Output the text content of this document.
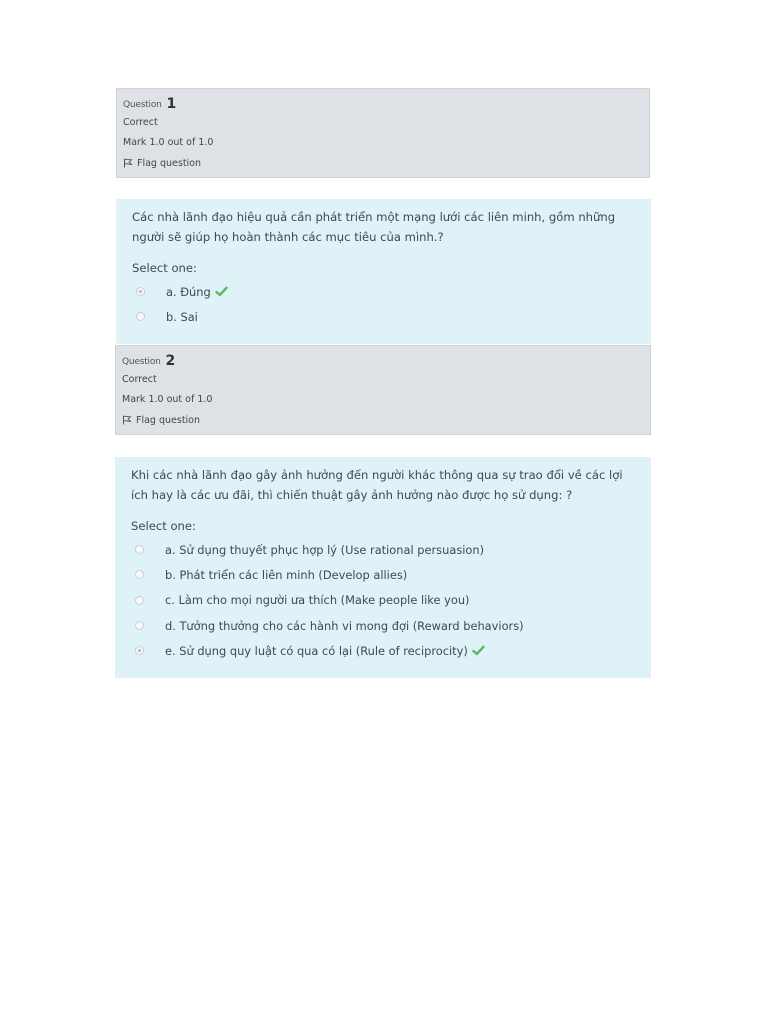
Question 1
Correct
Mark 1.0 out of 1.0
Flag question
Các nhà lãnh đạo hiệu quả cần phát triển một mạng lưới các liên minh, gồm những người sẽ giúp họ hoàn thành các mục tiêu của mình.?
Select one:
a. Đúng
b. Sai
Question 2
Correct
Mark 1.0 out of 1.0
Flag question
Khi các nhà lãnh đạo gây ảnh hưởng đến người khác thông qua sự trao đổi về các lợi ích hay là các ưu đãi, thì chiến thuật gây ảnh hưởng nào được họ sử dụng: ?
Select one:
a. Sử dụng thuyết phục hợp lý (Use rational persuasion)
b. Phát triển các liên minh (Develop allies)
c. Làm cho mọi người ưa thích (Make people like you)
d. Tưởng thưởng cho các hành vi mong đợi (Reward behaviors)
e. Sử dụng quy luật có qua có lại (Rule of reciprocity)
